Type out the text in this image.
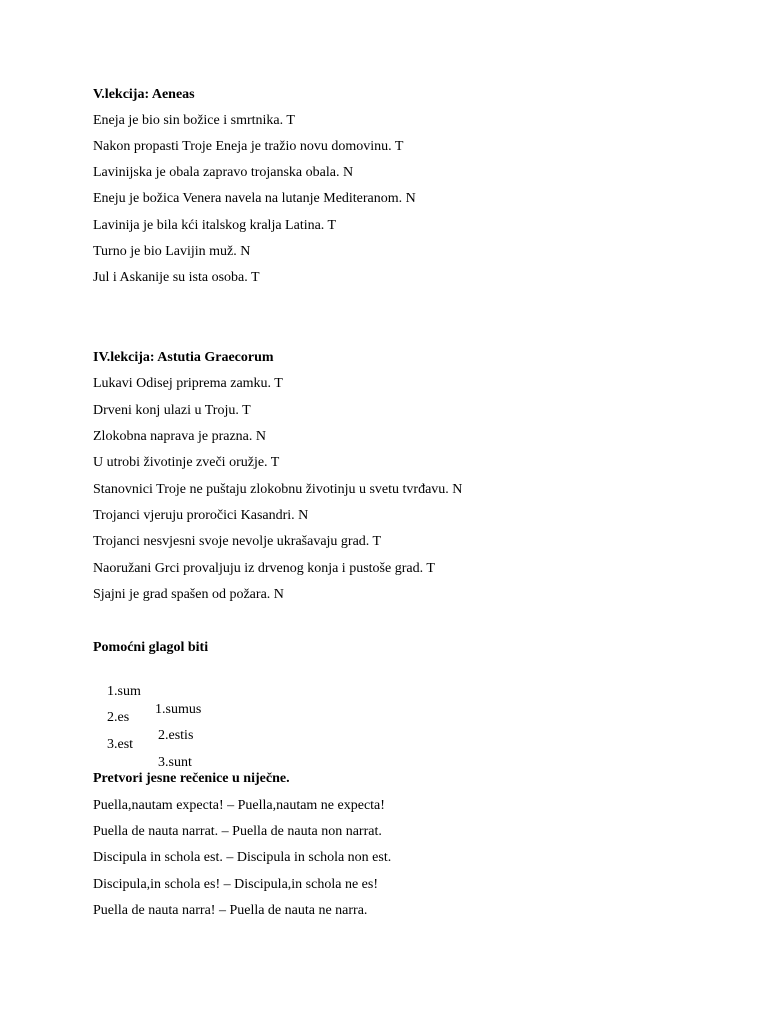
V.lekcija: Aeneas
Eneja je bio sin božice i smrtnika. T
Nakon propasti Troje Eneja je tražio novu domovinu. T
Lavinijska je obala zapravo trojanska obala. N
Eneju je božica Venera navela na lutanje Mediteranom. N
Lavinija je bila kći italskog kralja Latina. T
Turno je bio Lavijin muž. N
Jul i Askanije su ista osoba. T
IV.lekcija: Astutia Graecorum
Lukavi Odisej priprema zamku. T
Drveni konj ulazi u Troju. T
Zlokobna naprava je prazna. N
U utrobi životinje zveči oružje. T
Stanovnici Troje ne puštaju zlokobnu životinju u svetu tvrđavu. N
Trojanci vjeruju proročici Kasandri. N
Trojanci nesvjesni svoje nevolje ukrašavaju grad. T
Naoružani Grci provaljuju iz drvenog konja i pustoše grad. T
Sjajni je grad spašen od požara. N
Pomoćni glagol biti

1.sum

1.sumus

2.es

2.estis

3.est

3.sunt

Pretvori jesne rečenice u niječne.
Puella,nautam expecta! – Puella,nautam ne expecta!
Puella de nauta narrat. – Puella de nauta non narrat.
Discipula in schola est. – Discipula in schola non est.
Discipula,in schola es! – Discipula,in schola ne es!
Puella de nauta narra! – Puella de nauta ne narra.
